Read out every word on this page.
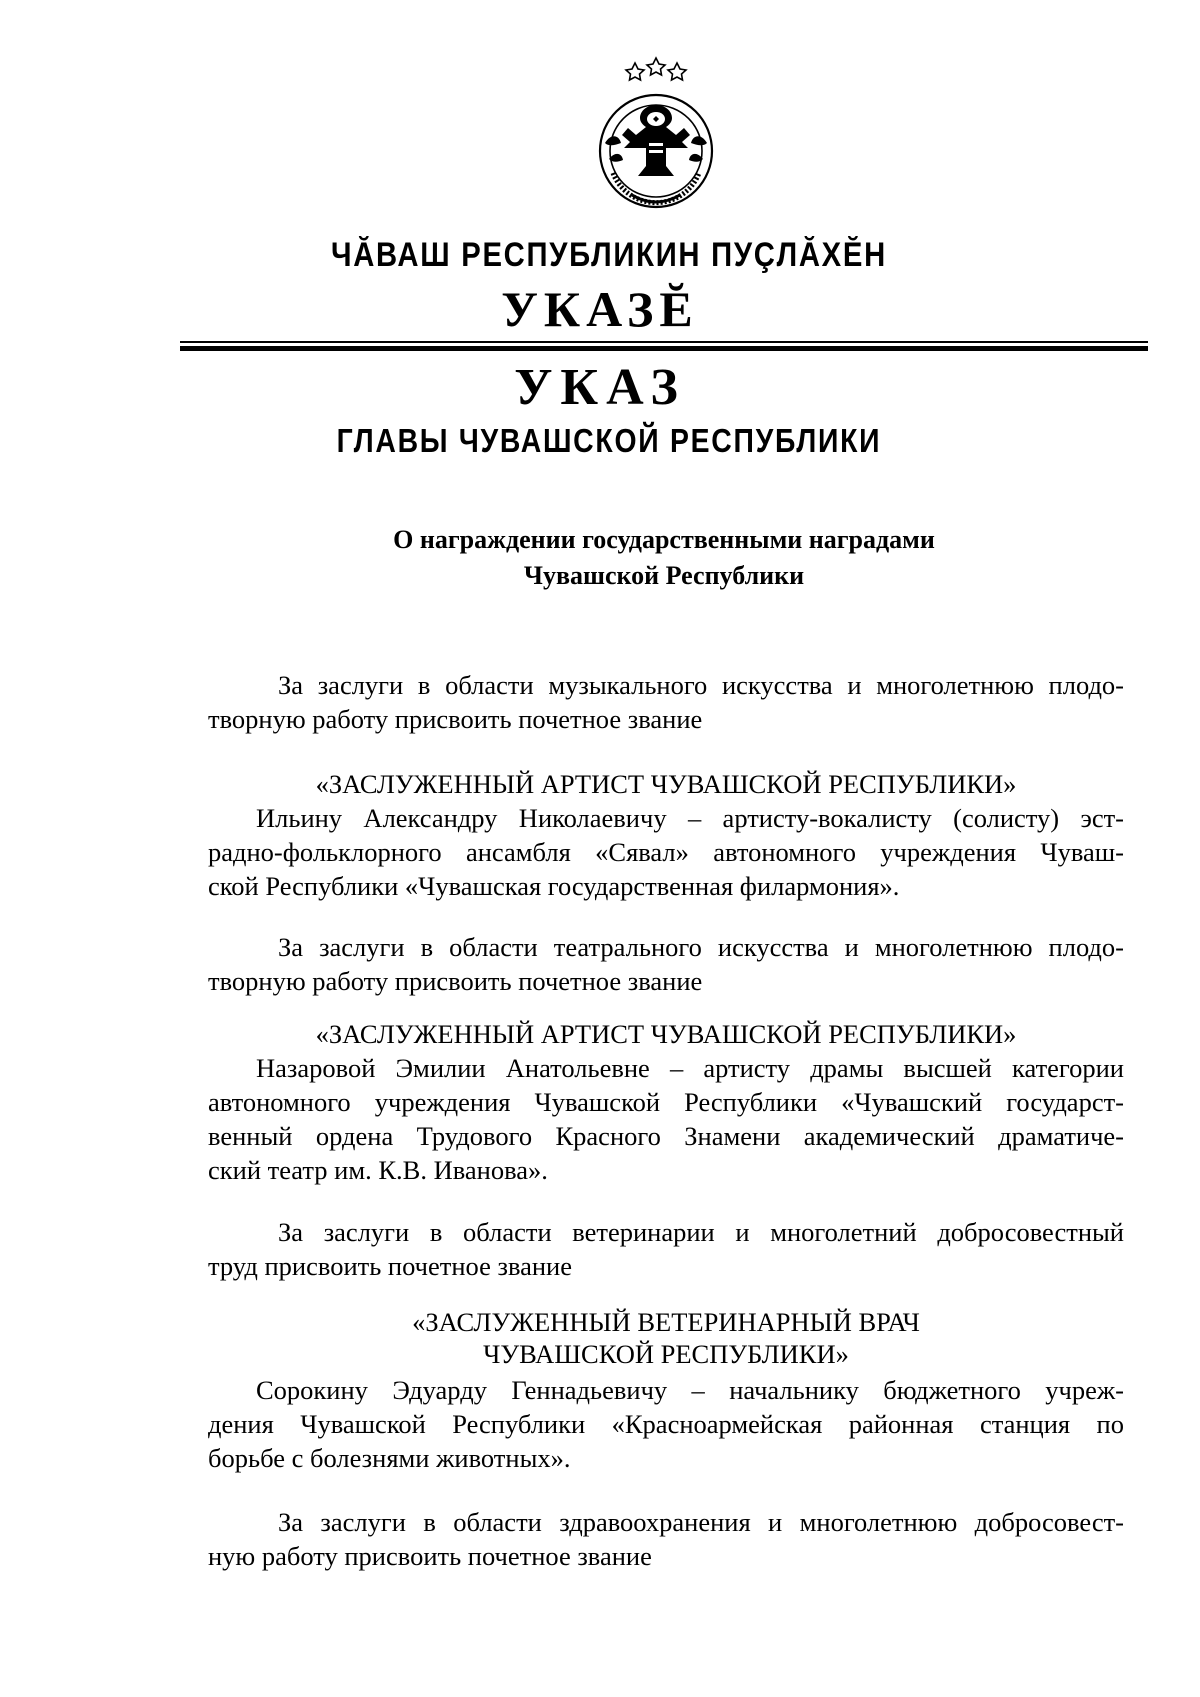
ЧĂВАШ РЕСПУБЛИКИН ПУÇЛĂХĔН
УКАЗĔ
УКАЗ
ГЛАВЫ ЧУВАШСКОЙ РЕСПУБЛИКИ
О награждении государственными наградами
Чувашской Республики
За заслуги в области музыкального искусства и многолетнюю плодо-
творную работу присвоить почетное звание
«ЗАСЛУЖЕННЫЙ АРТИСТ ЧУВАШСКОЙ РЕСПУБЛИКИ»
Ильину Александру Николаевичу – артисту-вокалисту (солисту) эст-
радно-фольклорного ансамбля «Сявал» автономного учреждения Чуваш-
ской Республики «Чувашская государственная филармония».
За заслуги в области театрального искусства и многолетнюю плодо-
творную работу присвоить почетное звание
«ЗАСЛУЖЕННЫЙ АРТИСТ ЧУВАШСКОЙ РЕСПУБЛИКИ»
Назаровой Эмилии Анатольевне – артисту драмы высшей категории
автономного учреждения Чувашской Республики «Чувашский государст-
венный ордена Трудового Красного Знамени академический драматиче-
ский театр им. К.В. Иванова».
За заслуги в области ветеринарии и многолетний добросовестный
труд присвоить почетное звание
«ЗАСЛУЖЕННЫЙ ВЕТЕРИНАРНЫЙ ВРАЧ
ЧУВАШСКОЙ РЕСПУБЛИКИ»
Сорокину Эдуарду Геннадьевичу – начальнику бюджетного учреж-
дения Чувашской Республики «Красноармейская районная станция по
борьбе с болезнями животных».
За заслуги в области здравоохранения и многолетнюю добросовест-
ную работу присвоить почетное звание
